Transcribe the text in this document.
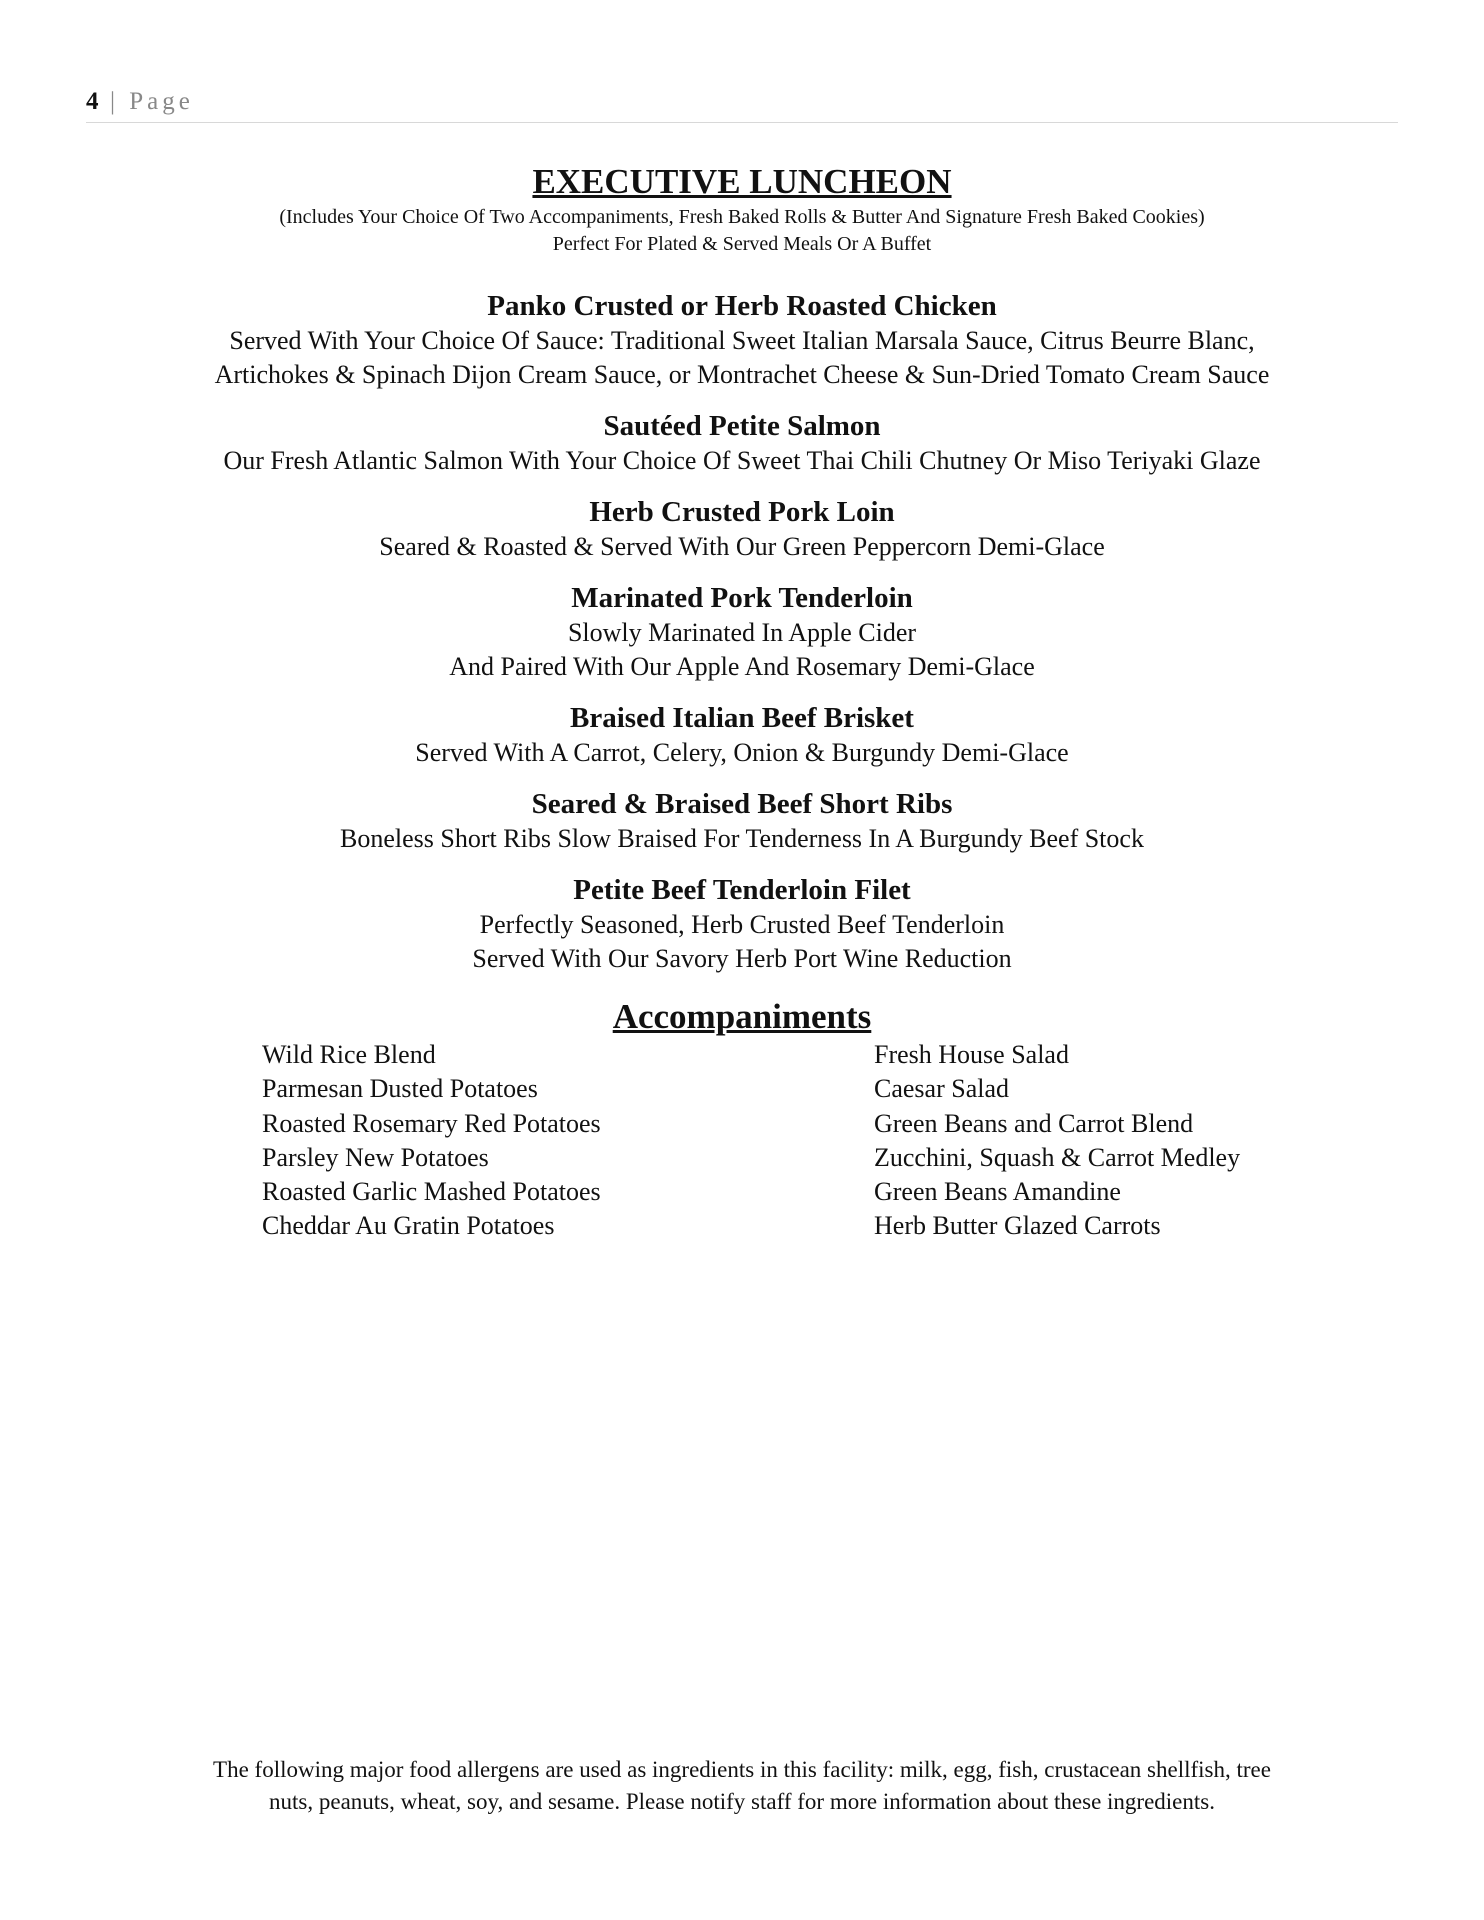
4 | Page
EXECUTIVE LUNCHEON
(Includes Your Choice Of Two Accompaniments, Fresh Baked Rolls & Butter And Signature Fresh Baked Cookies)
Perfect For Plated & Served Meals Or A Buffet
Panko Crusted or Herb Roasted Chicken
Served With Your Choice Of Sauce: Traditional Sweet Italian Marsala Sauce, Citrus Beurre Blanc,
Artichokes & Spinach Dijon Cream Sauce, or Montrachet Cheese & Sun-Dried Tomato Cream Sauce
Sautéed Petite Salmon
Our Fresh Atlantic Salmon With Your Choice Of Sweet Thai Chili Chutney Or Miso Teriyaki Glaze
Herb Crusted Pork Loin
Seared & Roasted & Served With Our Green Peppercorn Demi-Glace
Marinated Pork Tenderloin
Slowly Marinated In Apple Cider
And Paired With Our Apple And Rosemary Demi-Glace
Braised Italian Beef Brisket
Served With A Carrot, Celery, Onion & Burgundy Demi-Glace
Seared & Braised Beef Short Ribs
Boneless Short Ribs Slow Braised For Tenderness In A Burgundy Beef Stock
Petite Beef Tenderloin Filet
Perfectly Seasoned, Herb Crusted Beef Tenderloin
Served With Our Savory Herb Port Wine Reduction
Accompaniments
Wild Rice Blend
Parmesan Dusted Potatoes
Roasted Rosemary Red Potatoes
Parsley New Potatoes
Roasted Garlic Mashed Potatoes
Cheddar Au Gratin Potatoes
Fresh House Salad
Caesar Salad
Green Beans and Carrot Blend
Zucchini, Squash & Carrot Medley
Green Beans Amandine
Herb Butter Glazed Carrots
The following major food allergens are used as ingredients in this facility: milk, egg, fish, crustacean shellfish, tree
nuts, peanuts, wheat, soy, and sesame. Please notify staff for more information about these ingredients.
